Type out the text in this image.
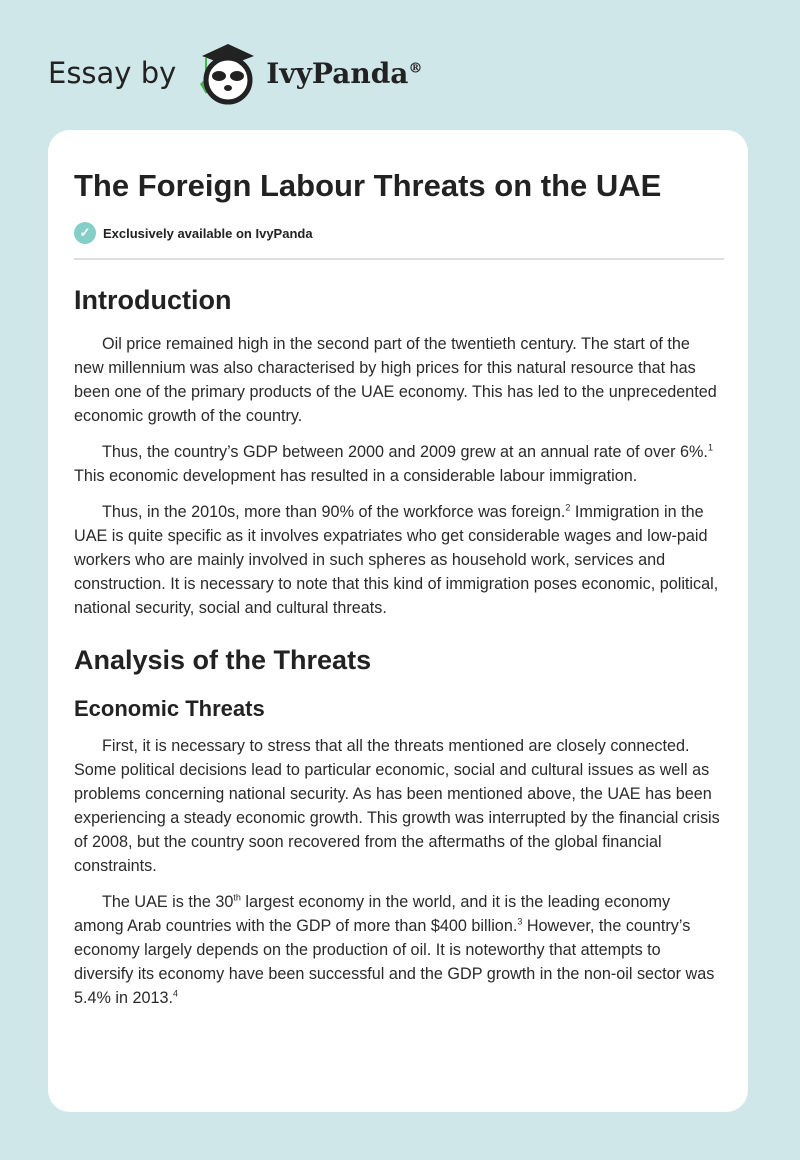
Essay by	IvyPanda®
The Foreign Labour Threats on the UAE
✓ Exclusively available on IvyPanda
Introduction

Oil price remained high in the second part of the twentieth century. The start of the new millennium was also characterised by high prices for this natural resource that has been one of the primary products of the UAE economy. This has led to the unprecedented economic growth of the country.

Thus, the country’s GDP between 2000 and 2009 grew at an annual rate of over 6%.$^1$ This economic development has resulted in a considerable labour immigration.

Thus, in the 2010s, more than 90% of the workforce was foreign.$^2$ Immigration in the UAE is quite specific as it involves expatriates who get considerable wages and low-paid workers who are mainly involved in such spheres as household work, services and construction. It is necessary to note that this kind of immigration poses economic, political, national security, social and cultural threats.

Analysis of the Threats
Economic Threats

First, it is necessary to stress that all the threats mentioned are closely connected. Some political decisions lead to particular economic, social and cultural issues as well as problems concerning national security. As has been mentioned above, the UAE has been experiencing a steady economic growth. This growth was interrupted by the financial crisis of 2008, but the country soon recovered from the aftermaths of the global financial constraints.

The UAE is the 30th largest economy in the world, and it is the leading economy among Arab countries with the GDP of more than $400 billion.$^3$ However, the country’s economy largely depends on the production of oil. It is noteworthy that attempts to diversify its economy have been successful and the GDP growth in the non-oil sector was 5.4% in 2013.$^4$
